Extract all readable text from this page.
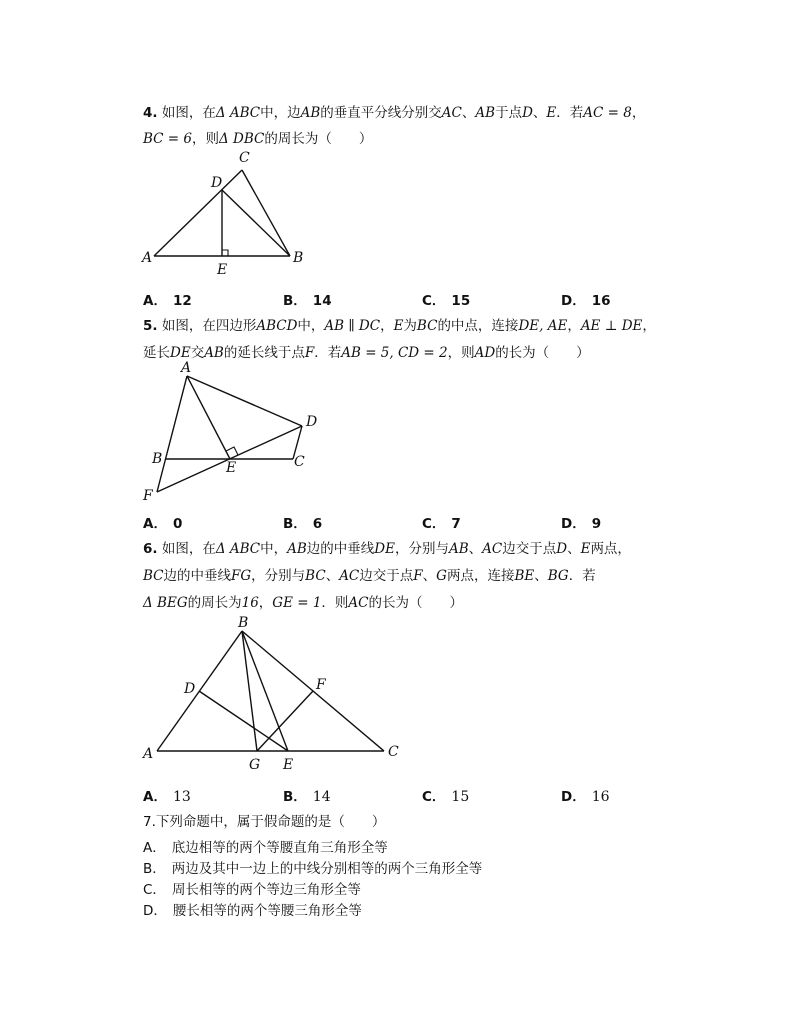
4. 如图，在Δ ABC中，边AB的垂直平分线分别交AC、AB于点D、E．若AC = 8，
BC = 6，则Δ DBC的周长为（　　）
A	B
C
D
E
A
B	C
D
E
F
A
B
C
D
E
F
G
A． 12	B． 14	C． 15	D． 16
5. 如图，在四边形ABCD中，AB ∥ DC，E为BC的中点，连接DE, AE，AE ⊥ DE，
延长DE交AB的延长线于点F．若AB = 5, CD = 2，则AD的长为（　　）
A． 0	B． 6	C． 7	D． 9
6. 如图，在Δ ABC中，AB边的中垂线DE，分别与AB、AC边交于点D、E两点，
BC边的中垂线FG，分别与BC、AC边交于点F、G两点，连接BE、BG．若
Δ BEG的周长为16，GE = 1．则AC的长为（　　）
A． 13	B． 14	C． 15	D． 16
7.下列命题中，属于假命题的是（　　）
A． 底边相等的两个等腰直角三角形全等
B． 两边及其中一边上的中线分别相等的两个三角形全等
C． 周长相等的两个等边三角形全等
D． 腰长相等的两个等腰三角形全等
